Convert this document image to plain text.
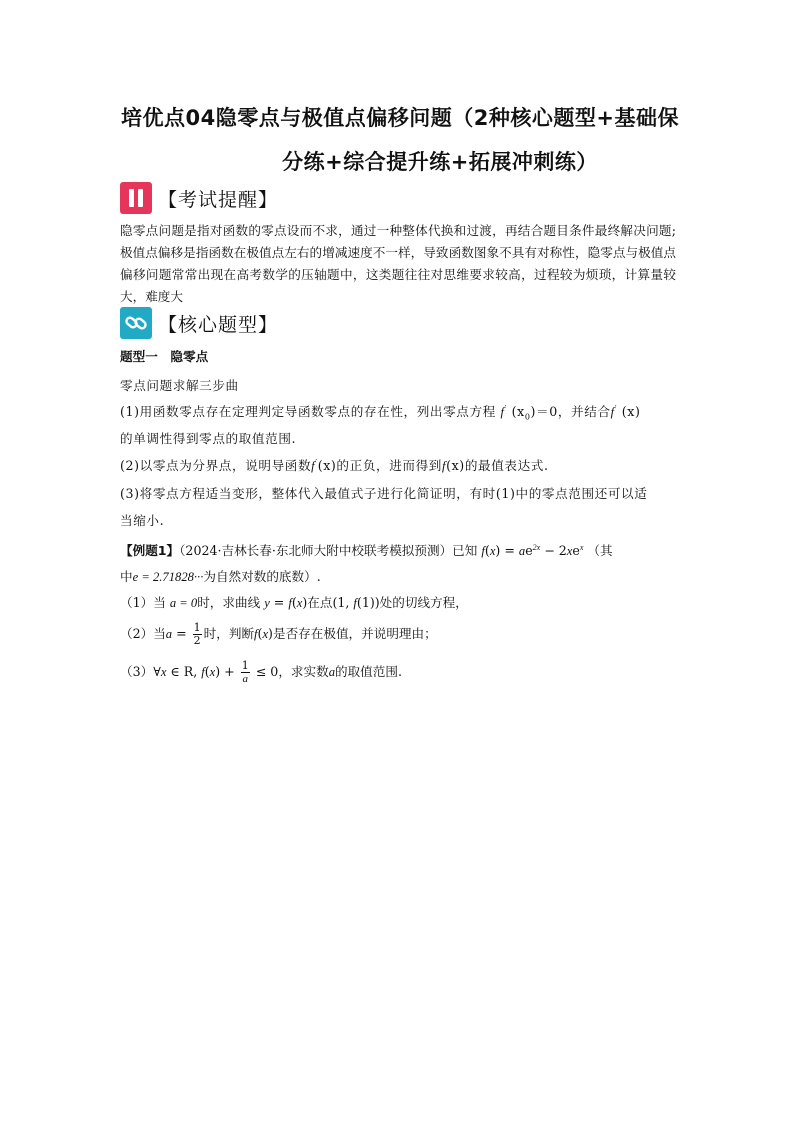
培优点04隐零点与极值点偏移问题（2种核心题型+基础保
分练+综合提升练+拓展冲刺练）
【考试提醒】
隐零点问题是指对函数的零点设而不求，通过一种整体代换和过渡，再结合题目条件最终解决问题;极值点偏移是指函数在极值点左右的增减速度不一样，导致函数图象不具有对称性，隐零点与极值点偏移问题常常出现在高考数学的压轴题中，这类题往往对思维要求较高，过程较为烦琐，计算量较大，难度大
【核心题型】
题型一　隐零点
零点问题求解三步曲
(1)用函数零点存在定理判定导函数零点的存在性，列出零点方程 f′ $(x_0)=0$，并结合f′ (x)
的单调性得到零点的取值范围.
(2)以零点为分界点，说明导函数f′(x)的正负，进而得到f(x)的最值表达式.
(3)将零点方程适当变形，整体代入最值式子进行化简证明，有时(1)中的零点范围还可以适
当缩小.
【例题1】（2024·吉林长春·东北师大附中校联考模拟预测）已知 $f(x) = ae^{2x} - 2xe^x$ （其
中e = 2.71828···为自然对数的底数）.
（1）当 a = 0时，求曲线 y = f(x)在点(1, f(1))处的切线方程，
（2）当$a = \frac{1}{2}$ 时，判断f(x)是否存在极值，并说明理由；
（3）∀x ∈ R, $f(x) + \frac{1}{a} \le 0$，求实数a的取值范围.
